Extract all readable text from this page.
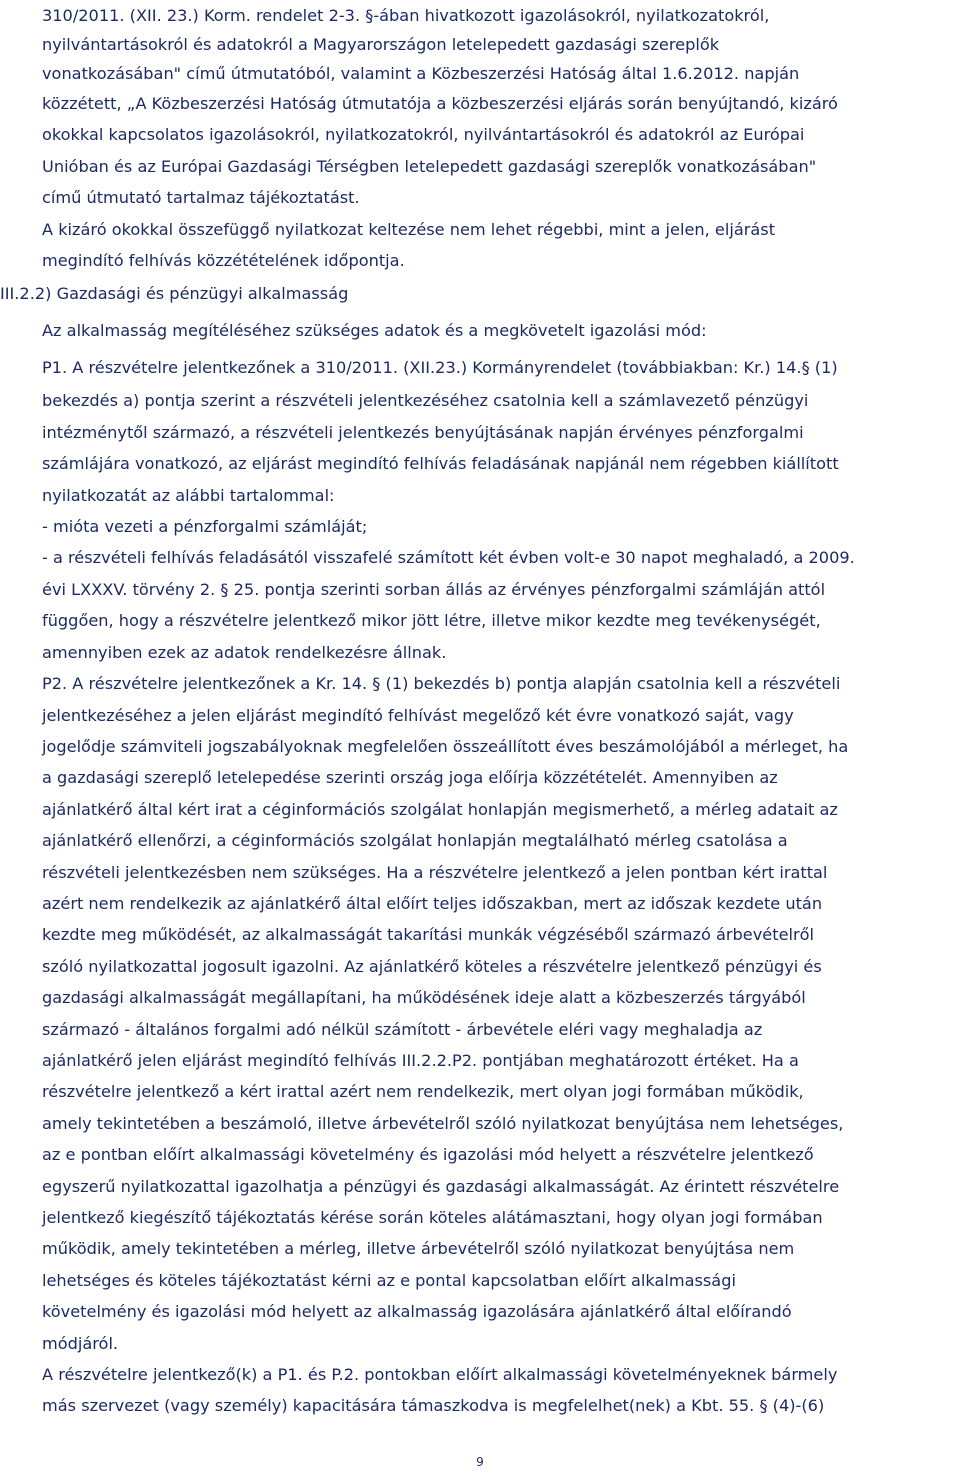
310/2011. (XII. 23.) Korm. rendelet 2-3. §-ában hivatkozott igazolásokról, nyilatkozatokról,
nyilvántartásokról és adatokról a Magyarországon letelepedett gazdasági szereplők
vonatkozásában" című útmutatóból, valamint a Közbeszerzési Hatóság által 1.6.2012. napján
közzétett, „A Közbeszerzési Hatóság útmutatója a közbeszerzési eljárás során benyújtandó, kizáró
okokkal kapcsolatos igazolásokról, nyilatkozatokról, nyilvántartásokról és adatokról az Európai
Unióban és az Európai Gazdasági Térségben letelepedett gazdasági szereplők vonatkozásában"
című útmutató tartalmaz tájékoztatást.
A kizáró okokkal összefüggő nyilatkozat keltezése nem lehet régebbi, mint a jelen, eljárást
megindító felhívás közzétételének időpontja.
III.2.2) Gazdasági és pénzügyi alkalmasság
Az alkalmasság megítéléséhez szükséges adatok és a megkövetelt igazolási mód:
P1. A részvételre jelentkezőnek a 310/2011. (XII.23.) Kormányrendelet (továbbiakban: Kr.) 14.§ (1)
bekezdés a) pontja szerint a részvételi jelentkezéséhez csatolnia kell a számlavezető pénzügyi
intézménytől származó, a részvételi jelentkezés benyújtásának napján érvényes pénzforgalmi
számlájára vonatkozó, az eljárást megindító felhívás feladásának napjánál nem régebben kiállított
nyilatkozatát az alábbi tartalommal:
- mióta vezeti a pénzforgalmi számláját;
- a részvételi felhívás feladásától visszafelé számított két évben volt-e 30 napot meghaladó, a 2009.
évi LXXXV. törvény 2. § 25. pontja szerinti sorban állás az érvényes pénzforgalmi számláján attól
függően, hogy a részvételre jelentkező mikor jött létre, illetve mikor kezdte meg tevékenységét,
amennyiben ezek az adatok rendelkezésre állnak.
P2. A részvételre jelentkezőnek a Kr. 14. § (1) bekezdés b) pontja alapján csatolnia kell a részvételi
jelentkezéséhez a jelen eljárást megindító felhívást megelőző két évre vonatkozó saját, vagy
jogelődje számviteli jogszabályoknak megfelelően összeállított éves beszámolójából a mérleget, ha
a gazdasági szereplő letelepedése szerinti ország joga előírja közzétételét. Amennyiben az
ajánlatkérő által kért irat a céginformációs szolgálat honlapján megismerhető, a mérleg adatait az
ajánlatkérő ellenőrzi, a céginformációs szolgálat honlapján megtalálható mérleg csatolása a
részvételi jelentkezésben nem szükséges. Ha a részvételre jelentkező a jelen pontban kért irattal
azért nem rendelkezik az ajánlatkérő által előírt teljes időszakban, mert az időszak kezdete után
kezdte meg működését, az alkalmasságát takarítási munkák végzéséből származó árbevételről
szóló nyilatkozattal jogosult igazolni. Az ajánlatkérő köteles a részvételre jelentkező pénzügyi és
gazdasági alkalmasságát megállapítani, ha működésének ideje alatt a közbeszerzés tárgyából
származó - általános forgalmi adó nélkül számított - árbevétele eléri vagy meghaladja az
ajánlatkérő jelen eljárást megindító felhívás III.2.2.P2. pontjában meghatározott értéket. Ha a
részvételre jelentkező a kért irattal azért nem rendelkezik, mert olyan jogi formában működik,
amely tekintetében a beszámoló, illetve árbevételről szóló nyilatkozat benyújtása nem lehetséges,
az e pontban előírt alkalmassági követelmény és igazolási mód helyett a részvételre jelentkező
egyszerű nyilatkozattal igazolhatja a pénzügyi és gazdasági alkalmasságát. Az érintett részvételre
jelentkező kiegészítő tájékoztatás kérése során köteles alátámasztani, hogy olyan jogi formában
működik, amely tekintetében a mérleg, illetve árbevételről szóló nyilatkozat benyújtása nem
lehetséges és köteles tájékoztatást kérni az e pontal kapcsolatban előírt alkalmassági
követelmény és igazolási mód helyett az alkalmasság igazolására ajánlatkérő által előírandó
módjáról.
A részvételre jelentkező(k) a P1. és P.2. pontokban előírt alkalmassági követelményeknek bármely
más szervezet (vagy személy) kapacitására támaszkodva is megfelelhet(nek) a Kbt. 55. § (4)-(6)
9
